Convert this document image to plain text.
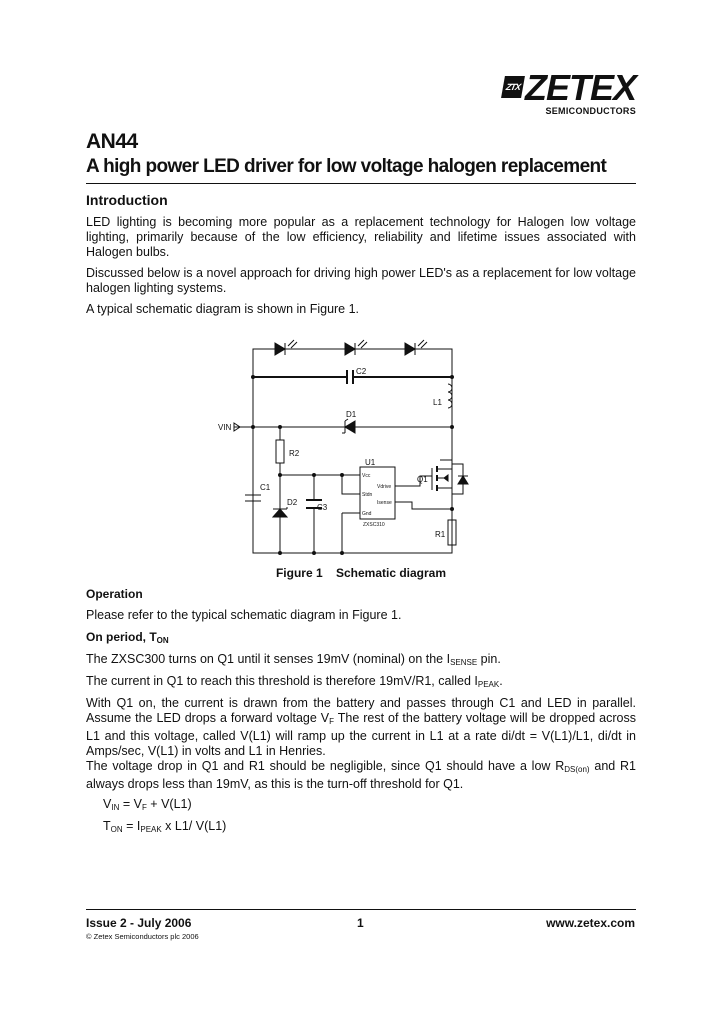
ZTX ZETEX
SEMICONDUCTORS
AN44
A high power LED driver for low voltage halogen replacement
Introduction
LED lighting is becoming more popular as a replacement technology for Halogen low voltage lighting, primarily because of the low efficiency, reliability and lifetime issues associated with Halogen bulbs.
Discussed below is a novel approach for driving high power LED's as a replacement for low voltage halogen lighting systems.
A typical schematic diagram is shown in Figure 1.
C2
L1
D1
VIN
R2
U1
C1
D2
C3
Q1
R1
Vcc
Stdn
Gnd
Vdrive
Isense
ZXSC310
Figure 1 Schematic diagram
Operation
Please refer to the typical schematic diagram in Figure 1.
On period, $T_{ON}$
The ZXSC300 turns on Q1 until it senses 19mV (nominal) on the $I_{SENSE}$ pin.
The current in Q1 to reach this threshold is therefore 19mV/R1, called $I_{PEAK}$.
With Q1 on, the current is drawn from the battery and passes through C1 and LED in parallel. Assume the LED drops a forward voltage $V_F$ The rest of the battery voltage will be dropped across L1 and this voltage, called V(L1) will ramp up the current in L1 at a rate di/dt = V(L1)/L1, di/dt in Amps/sec, V(L1) in volts and L1 in Henries.
The voltage drop in Q1 and R1 should be negligible, since Q1 should have a low $R_{DS(on)}$ and R1 always drops less than 19mV, as this is the turn-off threshold for Q1.
$V_{IN} = V_F + V(L1)$
$T_{ON} = I_{PEAK}$ x L1/ V(L1)
Issue 2 - July 2006	1	www.zetex.com
© Zetex Semiconductors plc 2006
